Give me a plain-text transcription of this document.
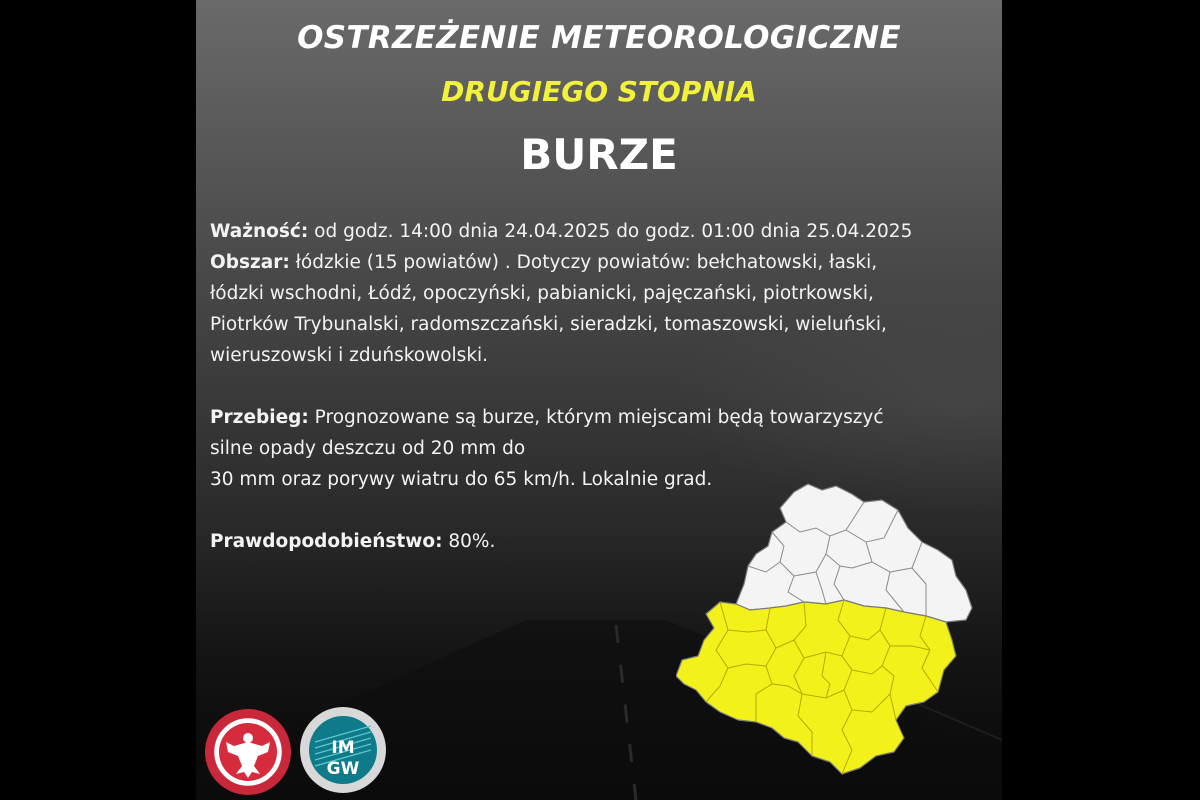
OSTRZEŻENIE METEOROLOGICZNE
DRUGIEGO STOPNIA
BURZE

Ważność: od godz. 14:00 dnia 24.04.2025 do godz. 01:00 dnia 25.04.2025

Obszar: łódzkie (15 powiatów) . Dotyczy powiatów: bełchatowski, łaski,

łódzki wschodni, Łódź, opoczyński, pabianicki, pajęczański, piotrkowski,

Piotrków Trybunalski, radomszczański, sieradzki, tomaszowski, wieluński,

wieruszowski i zduńskowolski.

Przebieg: Prognozowane są burze, którym miejscami będą towarzyszyć

silne opady deszczu od 20 mm do

30 mm oraz porywy wiatru do 65 km/h. Lokalnie grad.

Prawdopodobieństwo: 80%.

IM
GW
